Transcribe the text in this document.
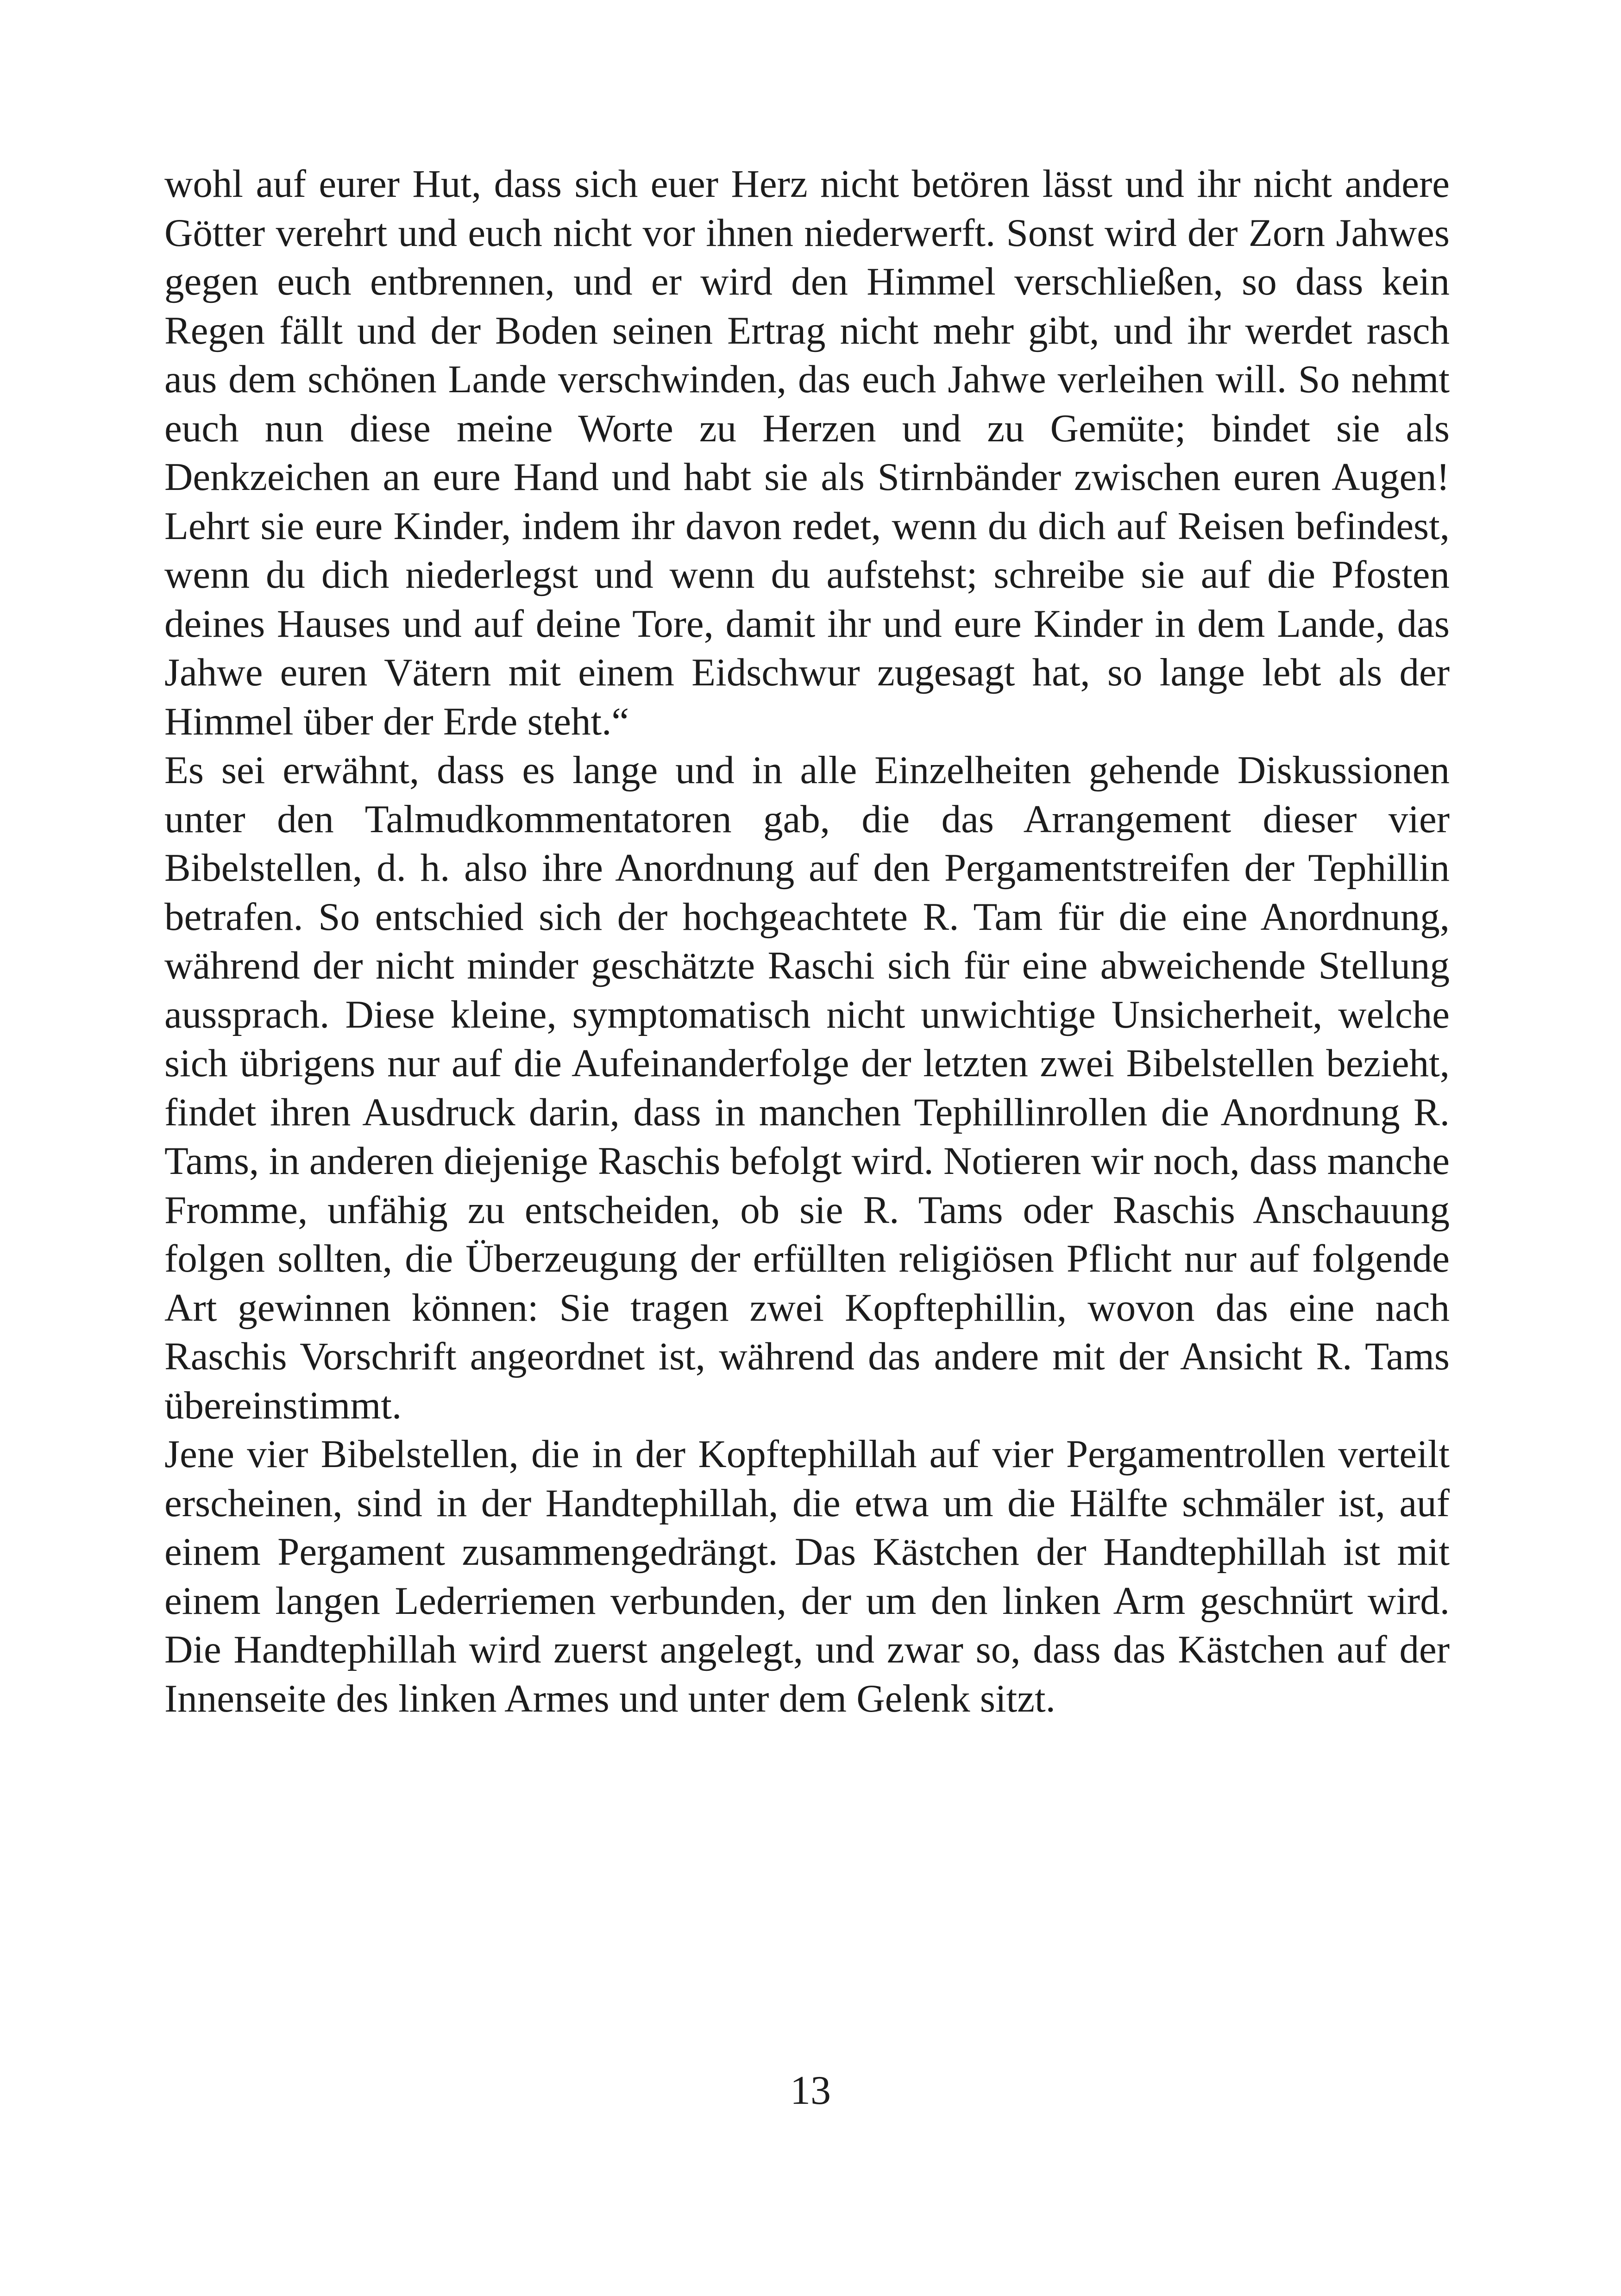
wohl auf eurer Hut, dass sich euer Herz nicht betören lässt und ihr nicht andere Götter verehrt und euch nicht vor ihnen niederwerft. Sonst wird der Zorn Jahwes gegen euch entbrennen, und er wird den Himmel verschließen, so dass kein Regen fällt und der Boden seinen Ertrag nicht mehr gibt, und ihr werdet rasch aus dem schönen Lande verschwinden, das euch Jahwe verleihen will. So nehmt euch nun diese meine Worte zu Herzen und zu Gemüte; bindet sie als Denkzeichen an eure Hand und habt sie als Stirnbänder zwischen euren Augen! Lehrt sie eure Kinder, indem ihr davon redet, wenn du dich auf Reisen befindest, wenn du dich niederlegst und wenn du aufstehst; schreibe sie auf die Pfosten deines Hauses und auf deine Tore, damit ihr und eure Kinder in dem Lande, das Jahwe euren Vätern mit einem Eidschwur zugesagt hat, so lange lebt als der Himmel über der Erde steht.“

Es sei erwähnt, dass es lange und in alle Einzelheiten gehende Diskussionen unter den Talmudkommentatoren gab, die das Arrangement dieser vier Bibelstellen, d. h. also ihre Anordnung auf den Pergamentstreifen der Tephillin betrafen. So entschied sich der hochgeachtete R. Tam für die eine Anordnung, während der nicht minder geschätzte Raschi sich für eine abweichende Stellung aussprach. Diese kleine, symptomatisch nicht unwichtige Unsicherheit, welche sich übrigens nur auf die Aufeinanderfolge der letzten zwei Bibelstellen bezieht, findet ihren Ausdruck darin, dass in manchen Tephillinrollen die Anordnung R. Tams, in anderen diejenige Raschis befolgt wird. Notieren wir noch, dass manche Fromme, unfähig zu entscheiden, ob sie R. Tams oder Raschis Anschauung folgen sollten, die Überzeugung der erfüllten religiösen Pflicht nur auf folgende Art gewinnen können: Sie tragen zwei Kopftephillin, wovon das eine nach Raschis Vorschrift angeordnet ist, während das andere mit der Ansicht R. Tams übereinstimmt.

Jene vier Bibelstellen, die in der Kopftephillah auf vier Pergamentrollen verteilt erscheinen, sind in der Handtephillah, die etwa um die Hälfte schmäler ist, auf einem Pergament zusammengedrängt. Das Kästchen der Handtephillah ist mit einem langen Lederriemen verbunden, der um den linken Arm geschnürt wird. Die Handtephillah wird zuerst angelegt, und zwar so, dass das Kästchen auf der Innenseite des linken Armes und unter dem Gelenk sitzt.

13
